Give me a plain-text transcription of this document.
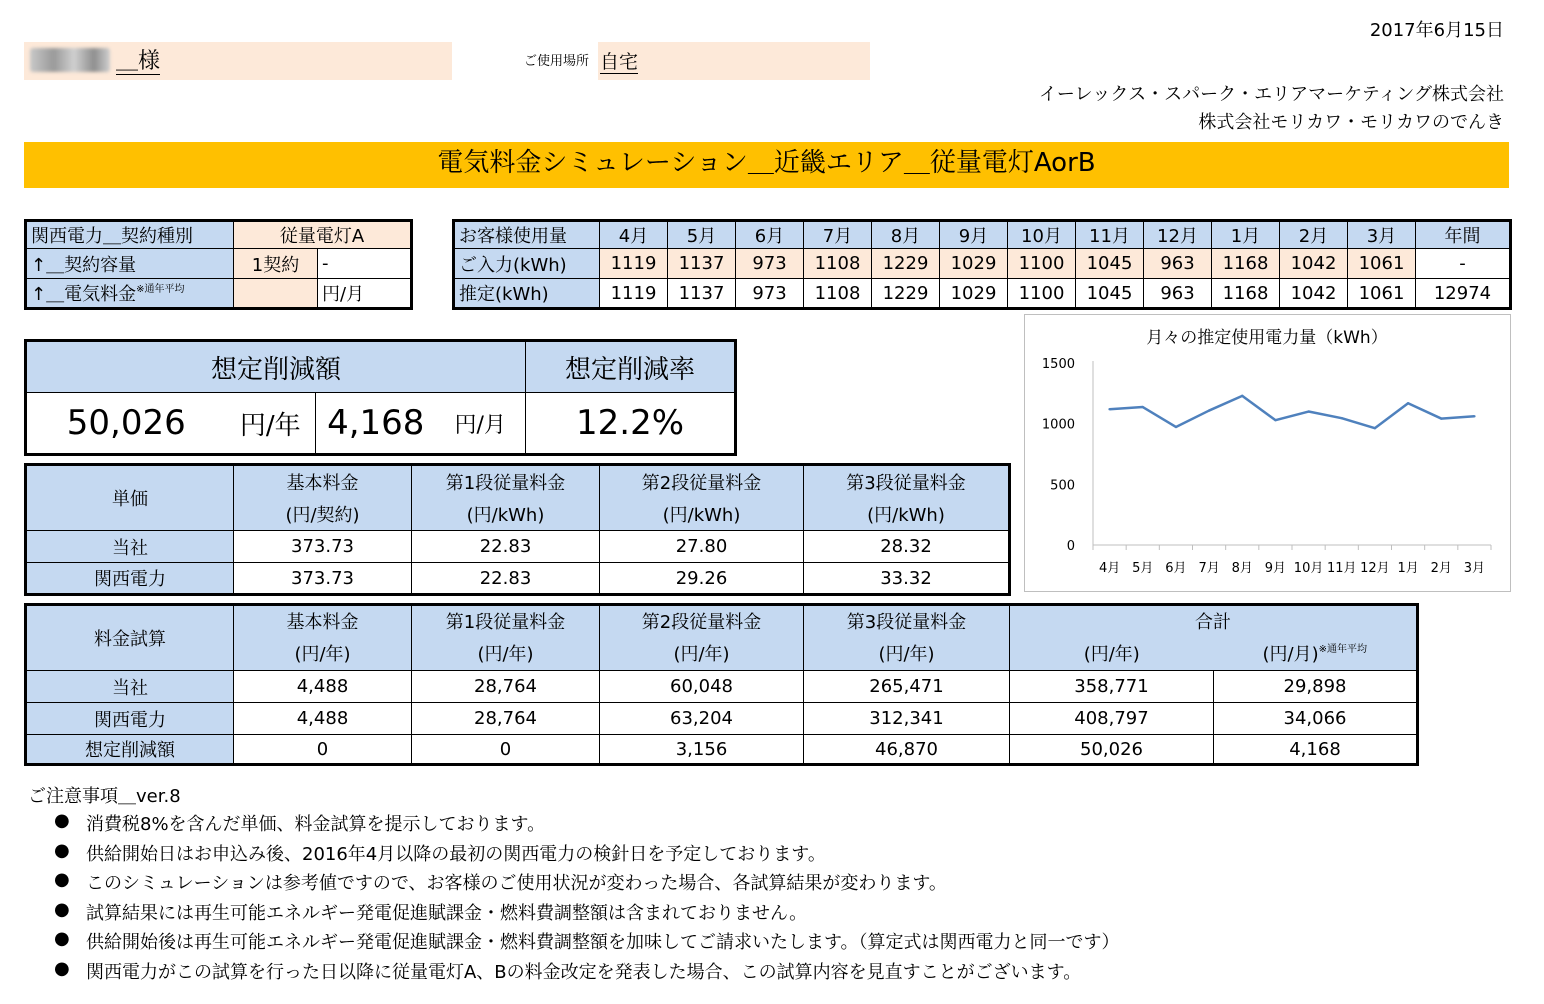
2017年6月15日
＿様	ご使用場所 自宅
イーレックス・スパーク・エリアマーケティング株式会社
株式会社モリカワ・モリカワのでんき
電気料金シミュレーション＿近畿エリア＿従量電灯AorB
関西電力＿契約種別	従量電灯A	
↑＿契約容量	1契約	-
↑＿電気料金$^{※通年平均}$		円/月
お客様使用量	4月	5月	6月	7月	8月	9月	10月	11月	12月	1月	2月	3月	年間
ご入力(kWh)	1119	1137	973	1108	1229	1029	1100	1045	963	1168	1042	1061	-
推定(kWh)	1119	1137	973	1108	1229	1029	1100	1045	963	1168	1042	1061	12974
想定削減額				想定削減率
50,026	円/年	4,168	円/月	12.2%
単価	基本料金	第1段従量料金	第2段従量料金	第3段従量料金
	(円/契約)	(円/kWh)	(円/kWh)	(円/kWh)
当社	373.73	22.83	27.80	28.32
関西電力	373.73	22.83	29.26	33.32
料金試算	基本料金	第1段従量料金	第2段従量料金	第3段従量料金	合計	
	(円/年)	(円/年)	(円/年)	(円/年)	(円/年)	(円/月)$^{※通年平均}$
当社	4,488	28,764	60,048	265,471	358,771	29,898
関西電力	4,488	28,764	63,204	312,341	408,797	34,066
想定削減額	0	0	3,156	46,870	50,026	4,168
月々の推定使用電力量（kWh）
0
500
1000
1500
4月 5月 6月 7月 8月 9月 10月 11月 12月 1月 2月 3月
ご注意事項＿ver.8
● 消費税8%を含んだ単価、料金試算を提示しております。
● 供給開始日はお申込み後、2016年4月以降の最初の関西電力の検針日を予定しております。
● このシミュレーションは参考値ですので、お客様のご使用状況が変わった場合、各試算結果が変わります。
● 試算結果には再生可能エネルギー発電促進賦課金・燃料費調整額は含まれておりません。
● 供給開始後は再生可能エネルギー発電促進賦課金・燃料費調整額を加味してご請求いたします。（算定式は関西電力と同一です）
● 関西電力がこの試算を行った日以降に従量電灯A、Bの料金改定を発表した場合、この試算内容を見直すことがございます。
